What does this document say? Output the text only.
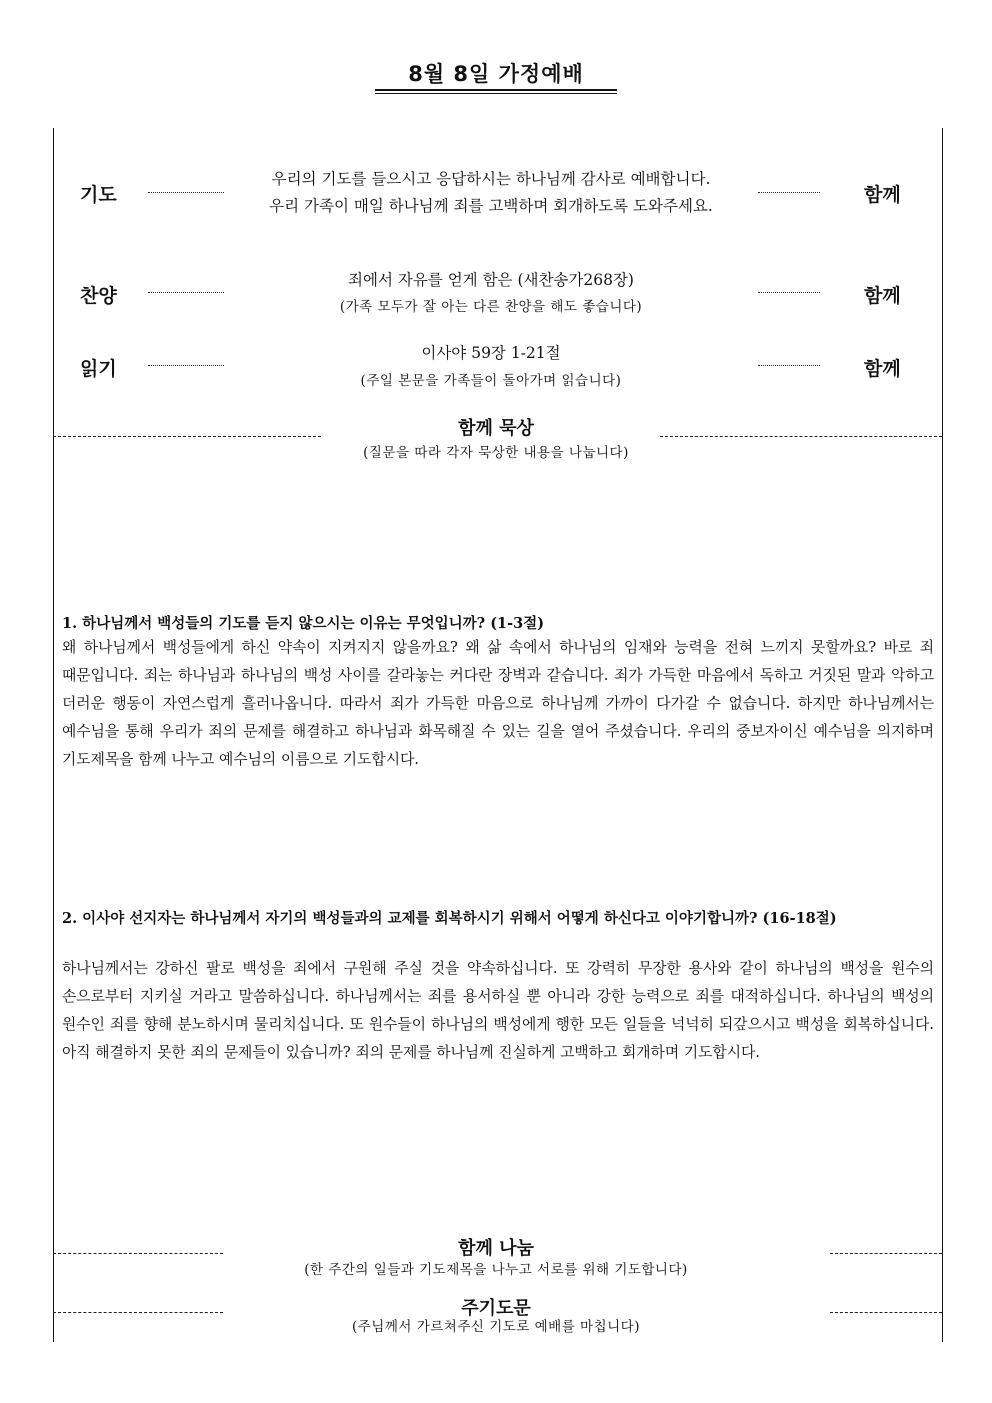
8월 8일 가정예배
기도
우리의 기도를 들으시고 응답하시는 하나님께 감사로 예배합니다.
우리 가족이 매일 하나님께 죄를 고백하며 회개하도록 도와주세요.	함께
찬양
죄에서 자유를 얻게 함은 (새찬송가268장)
(가족 모두가 잘 아는 다른 찬양을 해도 좋습니다)	함께
읽기
이사야 59장 1-21절
(주일 본문을 가족들이 돌아가며 읽습니다)
함께
함께 묵상
(질문을 따라 각자 묵상한 내용을 나눕니다)
1. 하나님께서 백성들의 기도를 듣지 않으시는 이유는 무엇입니까? (1-3절)
왜 하나님께서 백성들에게 하신 약속이 지켜지지 않을까요? 왜 삶 속에서 하나님의 임재와 능력을 전혀 느끼지 못할까요? 바로 죄 때문입니다. 죄는 하나님과 하나님의 백성 사이를 갈라놓는 커다란 장벽과 같습니다. 죄가 가득한 마음에서 독하고 거짓된 말과 악하고 더러운 행동이 자연스럽게 흘러나옵니다. 따라서 죄가 가득한 마음으로 하나님께 가까이 다가갈 수 없습니다. 하지만 하나님께서는 예수님을 통해 우리가 죄의 문제를 해결하고 하나님과 화목해질 수 있는 길을 열어 주셨습니다. 우리의 중보자이신 예수님을 의지하며 기도제목을 함께 나누고 예수님의 이름으로 기도합시다.
2. 이사야 선지자는 하나님께서 자기의 백성들과의 교제를 회복하시기 위해서 어떻게 하신다고 이야기합니까? (16-18절)
하나님께서는 강하신 팔로 백성을 죄에서 구원해 주실 것을 약속하십니다. 또 강력히 무장한 용사와 같이 하나님의 백성을 원수의 손으로부터 지키실 거라고 말씀하십니다. 하나님께서는 죄를 용서하실 뿐 아니라 강한 능력으로 죄를 대적하십니다. 하나님의 백성의 원수인 죄를 향해 분노하시며 물리치십니다. 또 원수들이 하나님의 백성에게 행한 모든 일들을 넉넉히 되갚으시고 백성을 회복하십니다. 아직 해결하지 못한 죄의 문제들이 있습니까? 죄의 문제를 하나님께 진실하게 고백하고 회개하며 기도합시다.
함께 나눔
(한 주간의 일들과 기도제목을 나누고 서로를 위해 기도합니다)
주기도문
(주님께서 가르쳐주신 기도로 예배를 마칩니다)
